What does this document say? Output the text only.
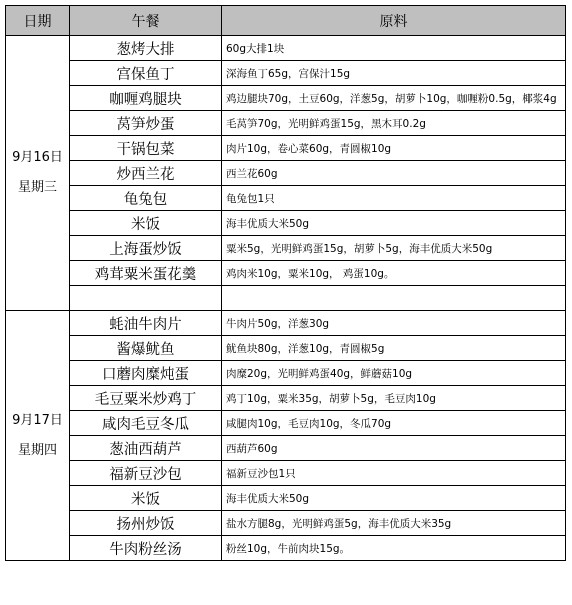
日期	午餐	原料

9月16日
星期三	葱烤大排	60g大排1块
	宫保鱼丁	深海鱼丁65g，宫保汁15g
	咖喱鸡腿块	鸡边腿块70g，土豆60g，洋葱5g，胡萝卜10g，咖喱粉0.5g，椰浆4g
	莴笋炒蛋	毛莴笋70g，光明鲜鸡蛋15g，黑木耳0.2g
	干锅包菜	肉片10g，卷心菜60g，青圆椒10g
	炒西兰花	西兰花60g
	龟兔包	龟兔包1只
	米饭	海丰优质大米50g
	上海蛋炒饭	粟米5g，光明鲜鸡蛋15g，胡萝卜5g，海丰优质大米50g
	鸡茸粟米蛋花羹	鸡肉米10g，粟米10g， 鸡蛋10g。

9月17日
星期四	蚝油牛肉片	牛肉片50g，洋葱30g
	酱爆鱿鱼	鱿鱼块80g，洋葱10g，青圆椒5g
	口蘑肉糜炖蛋	肉糜20g，光明鲜鸡蛋40g，鲜蘑菇10g
	毛豆粟米炒鸡丁	鸡丁10g，粟米35g，胡萝卜5g，毛豆肉10g
	咸肉毛豆冬瓜	咸腿肉10g，毛豆肉10g，冬瓜70g
	葱油西葫芦	西葫芦60g
	福新豆沙包	福新豆沙包1只
	米饭	海丰优质大米50g
	扬州炒饭	盐水方腿8g，光明鲜鸡蛋5g，海丰优质大米35g
	牛肉粉丝汤	粉丝10g，牛前肉块15g。
